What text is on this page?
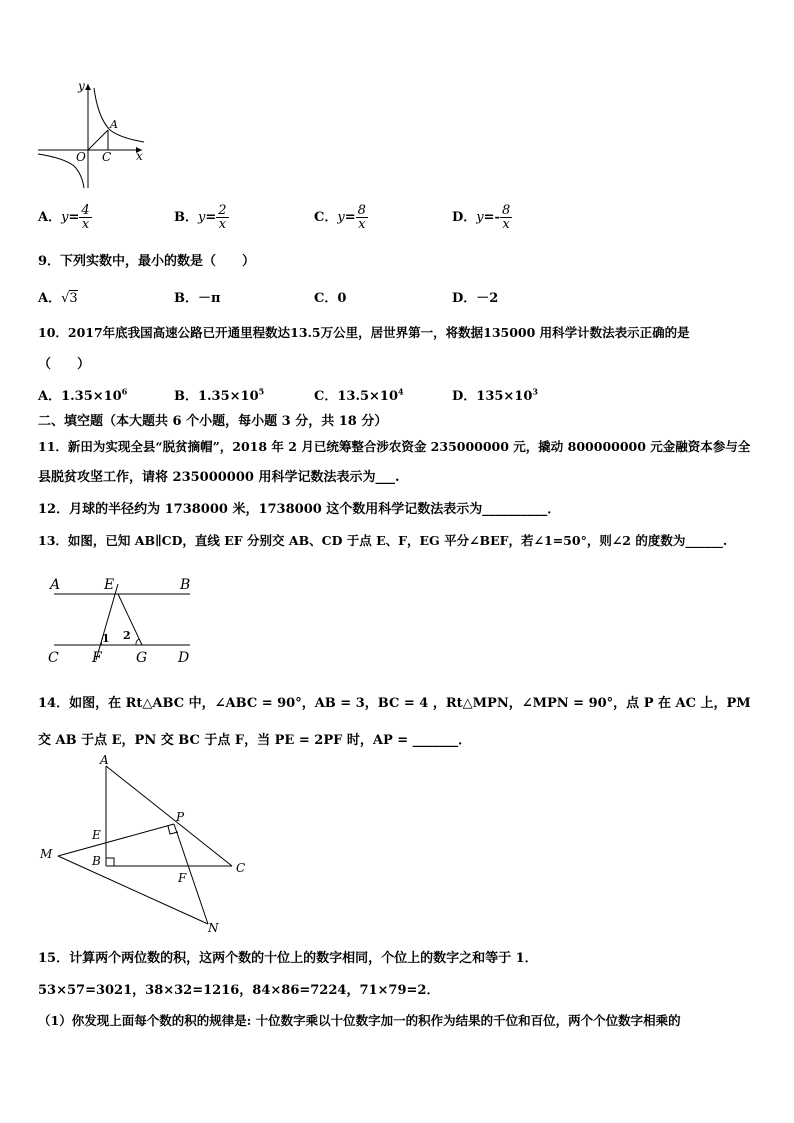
y
A
O C x
A．$y= \frac{4}{x}$	B．$y= \frac{2}{x}$	C．$y= \frac{8}{x}$	D．$y=- \frac{8}{x}$
9．下列实数中，最小的数是（　　）
A．√3	B．－π	C．0	D．－2
10．2017年底我国高速公路已开通里程数达13.5万公里，居世界第一，将数据135000 用科学计数法表示正确的是
（　　）
A．$1.35\times 10^6$	B．$1.35\times 10^5$	C．$13.5\times 10^4$	D．$135\times 10^3$
二、填空题（本大题共 6 个小题，每小题 3 分，共 18 分）
11．新田为实现全县“脱贫摘帽”，2018 年 2 月已统筹整合涉农资金 235000000 元，撬动 800000000 元金融资本参与全
县脱贫攻坚工作，请将 235000000 用科学记数法表示为___.
12．月球的半径约为 1738000 米，1738000 这个数用科学记数法表示为__________．
13．如图，已知 AB∥CD，直线 EF 分别交 AB、CD 于点 E、F，EG 平分∠BEF，若∠1=50°，则∠2 的度数为______.
A	E	B
C F G D
1 2
14．如图，在 Rt△ABC 中，∠ABC = 90°，AB = 3，BC = 4 ，Rt△MPN，∠MPN = 90°，点 P 在 AC 上，PM
交 AB 于点 E，PN 交 BC 于点 F，当 PE = 2PF 时，AP = _______．
A
P
E
M	B	C
F
N
15．计算两个两位数的积，这两个数的十位上的数字相同，个位上的数字之和等于 1．
53×57=3021，38×32=1216，84×86=7224，71×79=2．
（1）你发现上面每个数的积的规律是: 十位数字乘以十位数字加一的积作为结果的千位和百位，两个个位数字相乘的
